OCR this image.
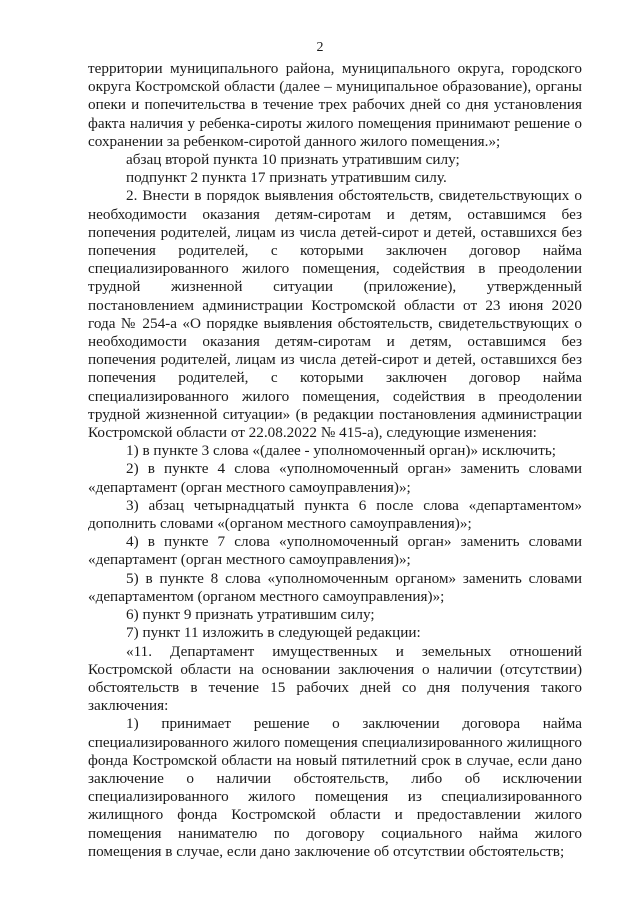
2

территории муниципального района, муниципального округа, городского округа Костромской области (далее – муниципальное образование), органы опеки и попечительства в течение трех рабочих дней со дня установления факта наличия у ребенка-сироты жилого помещения принимают решение о сохранении за ребенком-сиротой данного жилого помещения.»;

абзац второй пункта 10 признать утратившим силу;

подпункт 2 пункта 17 признать утратившим силу.

2. Внести в порядок выявления обстоятельств, свидетельствующих о необходимости оказания детям-сиротам и детям, оставшимся без попечения родителей, лицам из числа детей-сирот и детей, оставшихся без попечения родителей, с которыми заключен договор найма специализированного жилого помещения, содействия в преодолении трудной жизненной ситуации (приложение), утвержденный постановлением администрации Костромской области от 23 июня 2020 года № 254-а «О порядке выявления обстоятельств, свидетельствующих о необходимости оказания детям-сиротам и детям, оставшимся без попечения родителей, лицам из числа детей-сирот и детей, оставшихся без попечения родителей, с которыми заключен договор найма специализированного жилого помещения, содействия в преодолении трудной жизненной ситуации» (в редакции постановления администрации Костромской области от 22.08.2022 № 415-а), следующие изменения:

1) в пункте 3 слова «(далее - уполномоченный орган)» исключить;

2) в пункте 4 слова «уполномоченный орган» заменить словами «департамент (орган местного самоуправления)»;

3) абзац четырнадцатый пункта 6 после слова «департаментом» дополнить словами «(органом местного самоуправления)»;

4) в пункте 7 слова «уполномоченный орган» заменить словами «департамент (орган местного самоуправления)»;

5) в пункте 8 слова «уполномоченным органом» заменить словами «департаментом (органом местного самоуправления)»;

6) пункт 9 признать утратившим силу;

7) пункт 11 изложить в следующей редакции:

«11. Департамент имущественных и земельных отношений Костромской области на основании заключения о наличии (отсутствии) обстоятельств в течение 15 рабочих дней со дня получения такого заключения:

1) принимает решение о заключении договора найма специализированного жилого помещения специализированного жилищного фонда Костромской области на новый пятилетний срок в случае, если дано заключение о наличии обстоятельств, либо об исключении специализированного жилого помещения из специализированного жилищного фонда Костромской области и предоставлении жилого помещения нанимателю по договору социального найма жилого помещения в случае, если дано заключение об отсутствии обстоятельств;
